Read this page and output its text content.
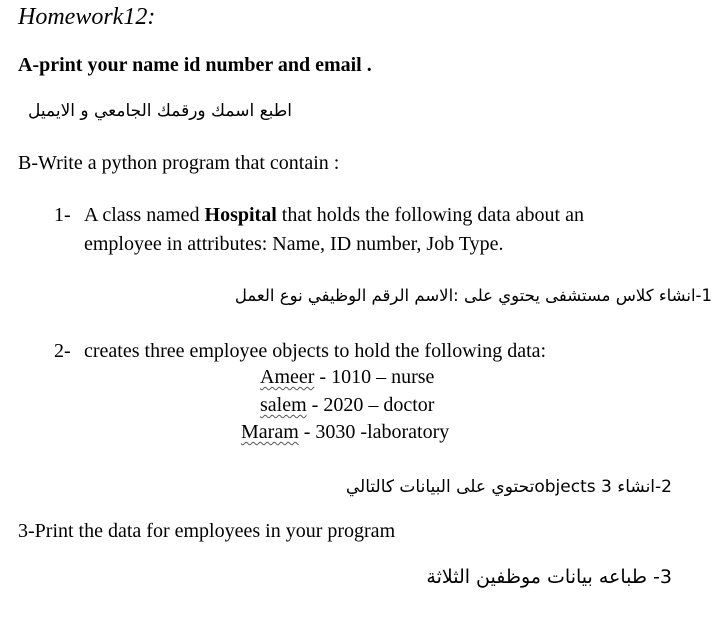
Homework12:
A-print your name id number and email .
اطبع اسمك ورقمك الجامعي و الايميل
B-Write a python program that contain :
1- A class named Hospital that holds the following data about an
employee in attributes: Name, ID number, Job Type.
1-انشاء كلاس مستشفى يحتوي على :الاسم الرقم الوظيفي نوع العمل
2- creates three employee objects to hold the following data:
Ameer - 1010 – nurse
salem - 2020 – doctor
Maram - 3030 -laboratory
2-انشاء 3 objectsتحتوي على البيانات كالتالي
3-Print the data for employees in your program
3- طباعه بيانات موظفين الثلاثة
